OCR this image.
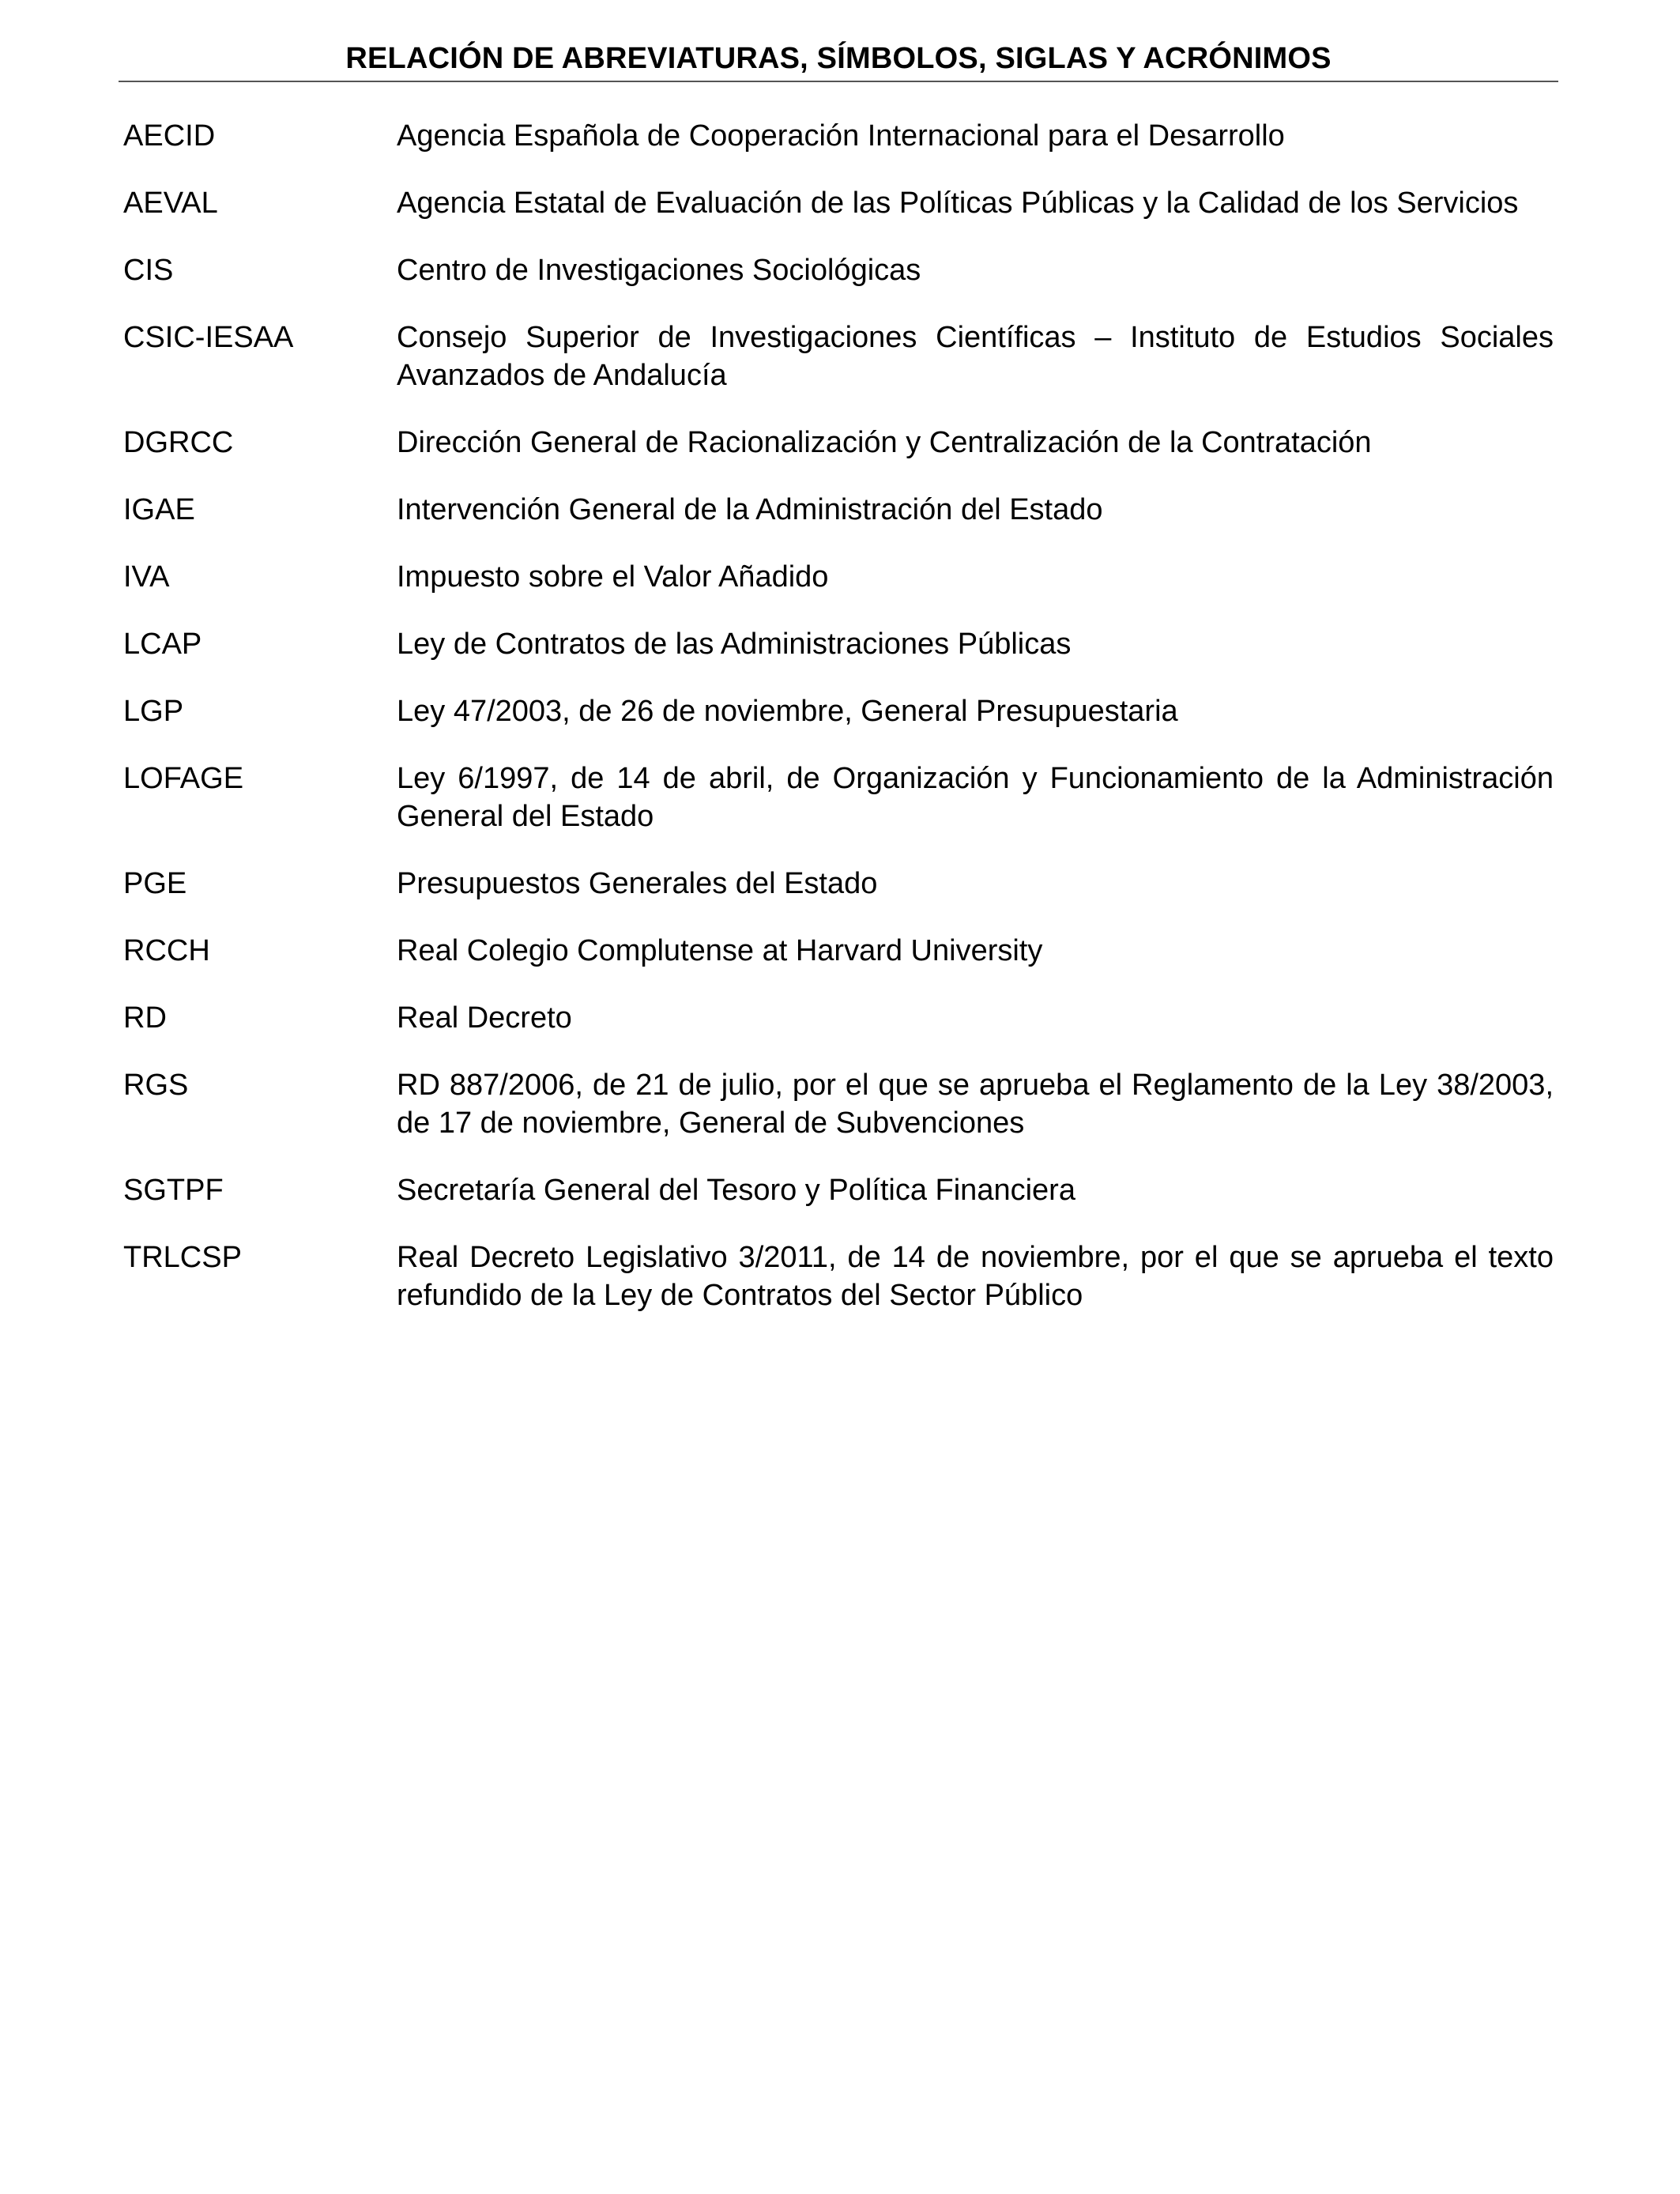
RELACIÓN DE ABREVIATURAS, SÍMBOLOS, SIGLAS Y ACRÓNIMOS
AECID	Agencia Española de Cooperación Internacional para el Desarrollo
AEVAL	Agencia Estatal de Evaluación de las Políticas Públicas y la Calidad de los Servicios
CIS	Centro de Investigaciones Sociológicas
CSIC-IESAA	Consejo Superior de Investigaciones Científicas – Instituto de Estudios Sociales Avanzados de Andalucía
DGRCC	Dirección General de Racionalización y Centralización de la Contratación
IGAE	Intervención General de la Administración del Estado
IVA	Impuesto sobre el Valor Añadido
LCAP	Ley de Contratos de las Administraciones Públicas
LGP	Ley 47/2003, de 26 de noviembre, General Presupuestaria
LOFAGE	Ley 6/1997, de 14 de abril, de Organización y Funcionamiento de la Administración General del Estado
PGE	Presupuestos Generales del Estado
RCCH	Real Colegio Complutense at Harvard University
RD	Real Decreto
RGS	RD 887/2006, de 21 de julio, por el que se aprueba el Reglamento de la Ley 38/2003, de 17 de noviembre, General de Subvenciones
SGTPF	Secretaría General del Tesoro y Política Financiera
TRLCSP	Real Decreto Legislativo 3/2011, de 14 de noviembre, por el que se aprueba el texto refundido de la Ley de Contratos del Sector Público
